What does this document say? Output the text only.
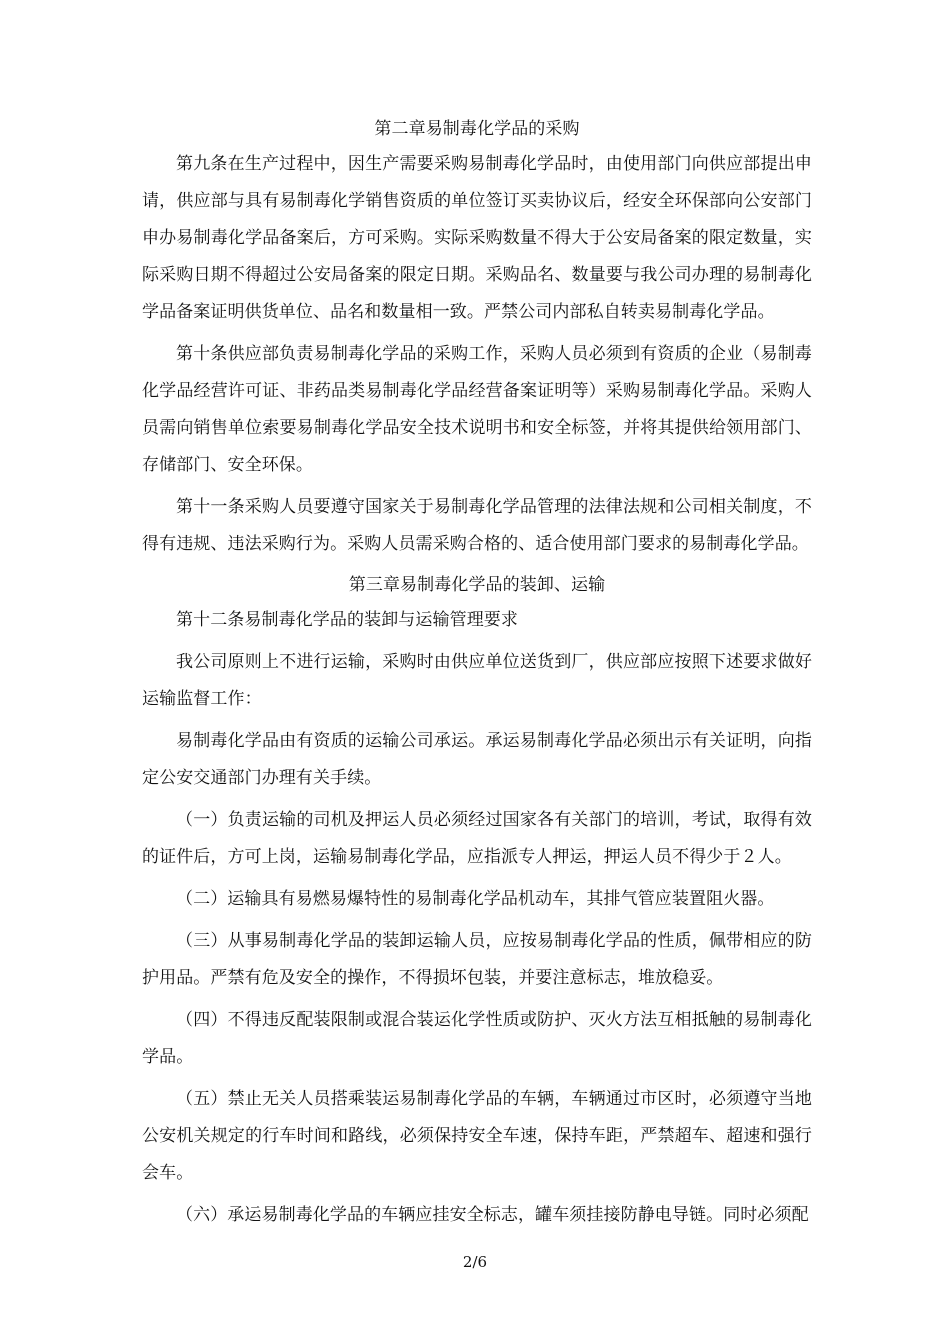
第二章易制毒化学品的采购

第九条在生产过程中，因生产需要采购易制毒化学品时，由使用部门向供应部提出申请，供应部与具有易制毒化学销售资质的单位签订买卖协议后，经安全环保部向公安部门申办易制毒化学品备案后，方可采购。实际采购数量不得大于公安局备案的限定数量，实际采购日期不得超过公安局备案的限定日期。采购品名、数量要与我公司办理的易制毒化学品备案证明供货单位、品名和数量相一致。严禁公司内部私自转卖易制毒化学品。

第十条供应部负责易制毒化学品的采购工作，采购人员必须到有资质的企业（易制毒化学品经营许可证、非药品类易制毒化学品经营备案证明等）采购易制毒化学品。采购人员需向销售单位索要易制毒化学品安全技术说明书和安全标签，并将其提供给领用部门、存储部门、安全环保。

第十一条采购人员要遵守国家关于易制毒化学品管理的法律法规和公司相关制度，不得有违规、违法采购行为。采购人员需采购合格的、适合使用部门要求的易制毒化学品。

第三章易制毒化学品的装卸、运输

第十二条易制毒化学品的装卸与运输管理要求

我公司原则上不进行运输，采购时由供应单位送货到厂，供应部应按照下述要求做好运输监督工作：

易制毒化学品由有资质的运输公司承运。承运易制毒化学品必须出示有关证明，向指定公安交通部门办理有关手续。

（一）负责运输的司机及押运人员必须经过国家各有关部门的培训，考试，取得有效的证件后，方可上岗，运输易制毒化学品，应指派专人押运，押运人员不得少于２人。

（二）运输具有易燃易爆特性的易制毒化学品机动车，其排气管应装置阻火器。

（三）从事易制毒化学品的装卸运输人员，应按易制毒化学品的性质，佩带相应的防护用品。严禁有危及安全的操作，不得损坏包装，并要注意标志，堆放稳妥。

（四）不得违反配装限制或混合装运化学性质或防护、灭火方法互相抵触的易制毒化学品。

（五）禁止无关人员搭乘装运易制毒化学品的车辆，车辆通过市区时，必须遵守当地公安机关规定的行车时间和路线，必须保持安全车速，保持车距，严禁超车、超速和强行会车。

（六）承运易制毒化学品的车辆应挂安全标志，罐车须挂接防静电导链。同时必须配

2/6
